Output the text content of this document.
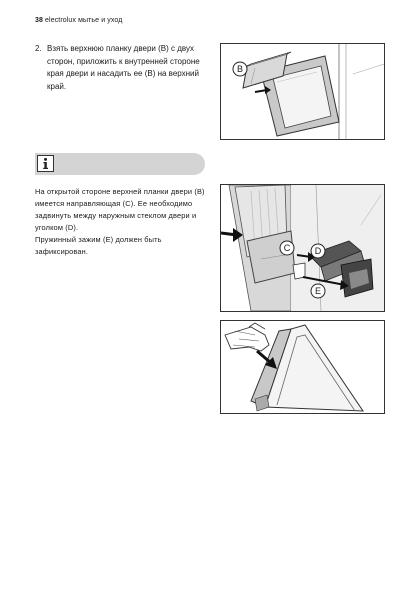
38 electrolux мытье и уход
2. Взять верхнюю планку двери (B) с двух сторон, приложить к внутренней стороне края двери и насадить ее (B) на верхний край.

На открытой стороне верхней планки двери (B) имеется направляющая (C). Ее необходимо задвинуть между наружным стеклом двери и уголком (D).

Пружинный зажим (E) должен быть зафиксирован.

B
C	D
E
